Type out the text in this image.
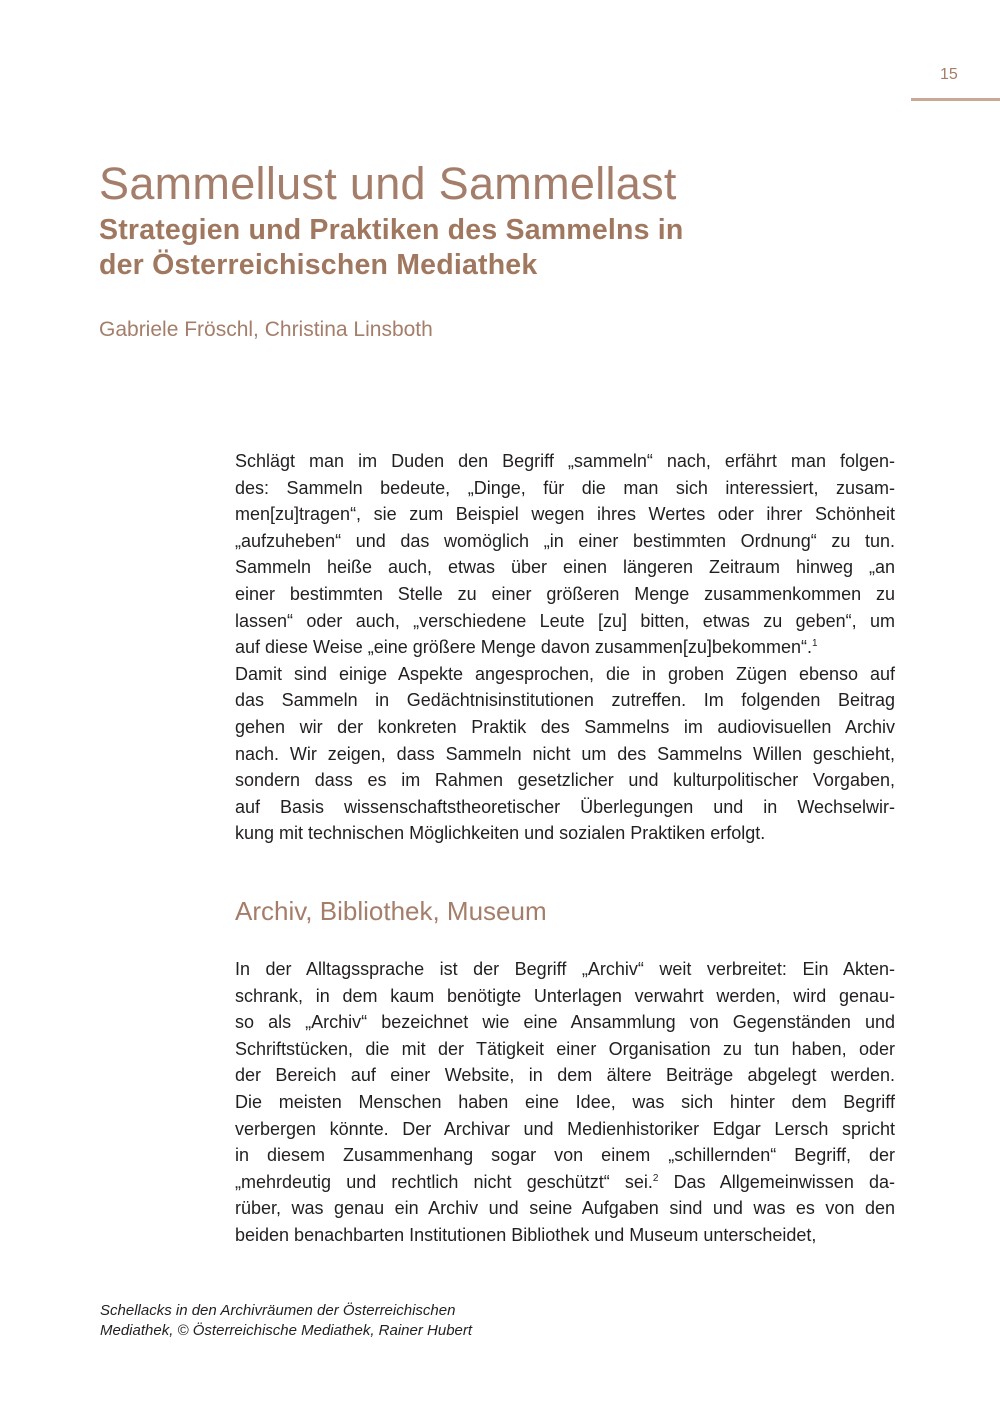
15
Sammellust und Sammellast
Strategien und Praktiken des Sammelns in
der Österreichischen Mediathek
Gabriele Fröschl, Christina Linsboth
Schlägt man im Duden den Begriff „sammeln“ nach, erfährt man folgen-
des: Sammeln bedeute, „Dinge, für die man sich interessiert, zusam-
men[zu]tragen“, sie zum Beispiel wegen ihres Wertes oder ihrer Schönheit
„aufzuheben“ und das womöglich „in einer bestimmten Ordnung“ zu tun.
Sammeln heiße auch, etwas über einen längeren Zeitraum hinweg „an
einer bestimmten Stelle zu einer größeren Menge zusammenkommen zu
lassen“ oder auch, „verschiedene Leute [zu] bitten, etwas zu geben“, um
auf diese Weise „eine größere Menge davon zusammen[zu]bekommen“.$^1$
Damit sind einige Aspekte angesprochen, die in groben Zügen ebenso auf
das Sammeln in Gedächtnisinstitutionen zutreffen. Im folgenden Beitrag
gehen wir der konkreten Praktik des Sammelns im audiovisuellen Archiv
nach. Wir zeigen, dass Sammeln nicht um des Sammelns Willen geschieht,
sondern dass es im Rahmen gesetzlicher und kulturpolitischer Vorgaben,
auf Basis wissenschaftstheoretischer Überlegungen und in Wechselwir-
kung mit technischen Möglichkeiten und sozialen Praktiken erfolgt.
Archiv, Bibliothek, Museum
In der Alltagssprache ist der Begriff „Archiv“ weit verbreitet: Ein Akten-
schrank, in dem kaum benötigte Unterlagen verwahrt werden, wird genau-
so als „Archiv“ bezeichnet wie eine Ansammlung von Gegenständen und
Schriftstücken, die mit der Tätigkeit einer Organisation zu tun haben, oder
der Bereich auf einer Website, in dem ältere Beiträge abgelegt werden.
Die meisten Menschen haben eine Idee, was sich hinter dem Begriff
verbergen könnte. Der Archivar und Medienhistoriker Edgar Lersch spricht
in diesem Zusammenhang sogar von einem „schillernden“ Begriff, der
„mehrdeutig und rechtlich nicht geschützt“ sei.$^2$ Das Allgemeinwissen da-
rüber, was genau ein Archiv und seine Aufgaben sind und was es von den
beiden benachbarten Institutionen Bibliothek und Museum unterscheidet,
Schellacks in den Archivräumen der Österreichischen
Mediathek, © Österreichische Mediathek, Rainer Hubert
